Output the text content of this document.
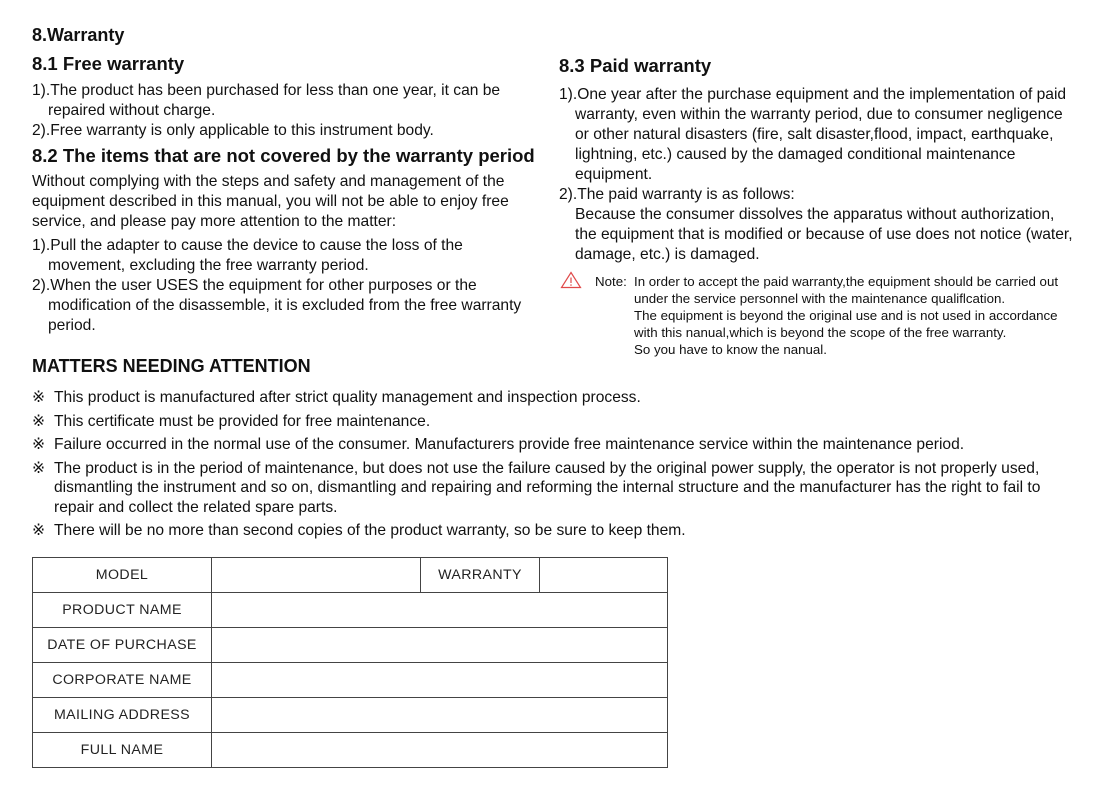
8.Warranty
8.1 Free warranty
1).The product has been purchased for less than one year, it can be repaired without charge.
2).Free warranty is only applicable to this instrument body.
8.2 The items that are not covered by the warranty period
Without complying with the steps and safety and management of the equipment described in this manual, you will not be able to enjoy free service, and please pay more attention to the matter:
1).Pull the adapter to cause the device to cause the loss of the movement, excluding the free warranty period.
2).When the user USES the equipment for other purposes or the modification of the disassemble, it is excluded from the free warranty period.
8.3 Paid warranty
1).One year after the purchase equipment and the implementation of paid warranty, even within the warranty period, due to consumer negligence or other natural disasters (fire, salt disaster,flood, impact, earthquake, lightning, etc.) caused by the damaged conditional maintenance equipment.
2).The paid warranty is as follows:
Because the consumer dissolves the apparatus without authorization, the equipment that is modified or because of use does not notice (water, damage, etc.) is damaged.
Note: In order to accept the paid warranty,the equipment should be carried out
under the service personnel with the maintenance qualiflcation.
The equipment is beyond the original use and is not used in accordance
with this nanual,which is beyond the scope of the free warranty.
So you have to know the nanual.
MATTERS NEEDING ATTENTION
※ This product is manufactured after strict quality management and inspection process.
※ This certificate must be provided for free maintenance.
※ Failure occurred in the normal use of the consumer. Manufacturers provide free maintenance service within the maintenance period.
※ The product is in the period of maintenance, but does not use the failure caused by the original power supply, the operator is not properly used, dismantling the instrument and so on, dismantling and repairing and reforming the internal structure and the manufacturer has the right to fail to repair and collect the related spare parts.
※ There will be no more than second copies of the product warranty, so be sure to keep them.
MODEL		WARRANTY	
PRODUCT NAME			
DATE OF PURCHASE			
CORPORATE NAME			
MAILING ADDRESS			
FULL NAME			
